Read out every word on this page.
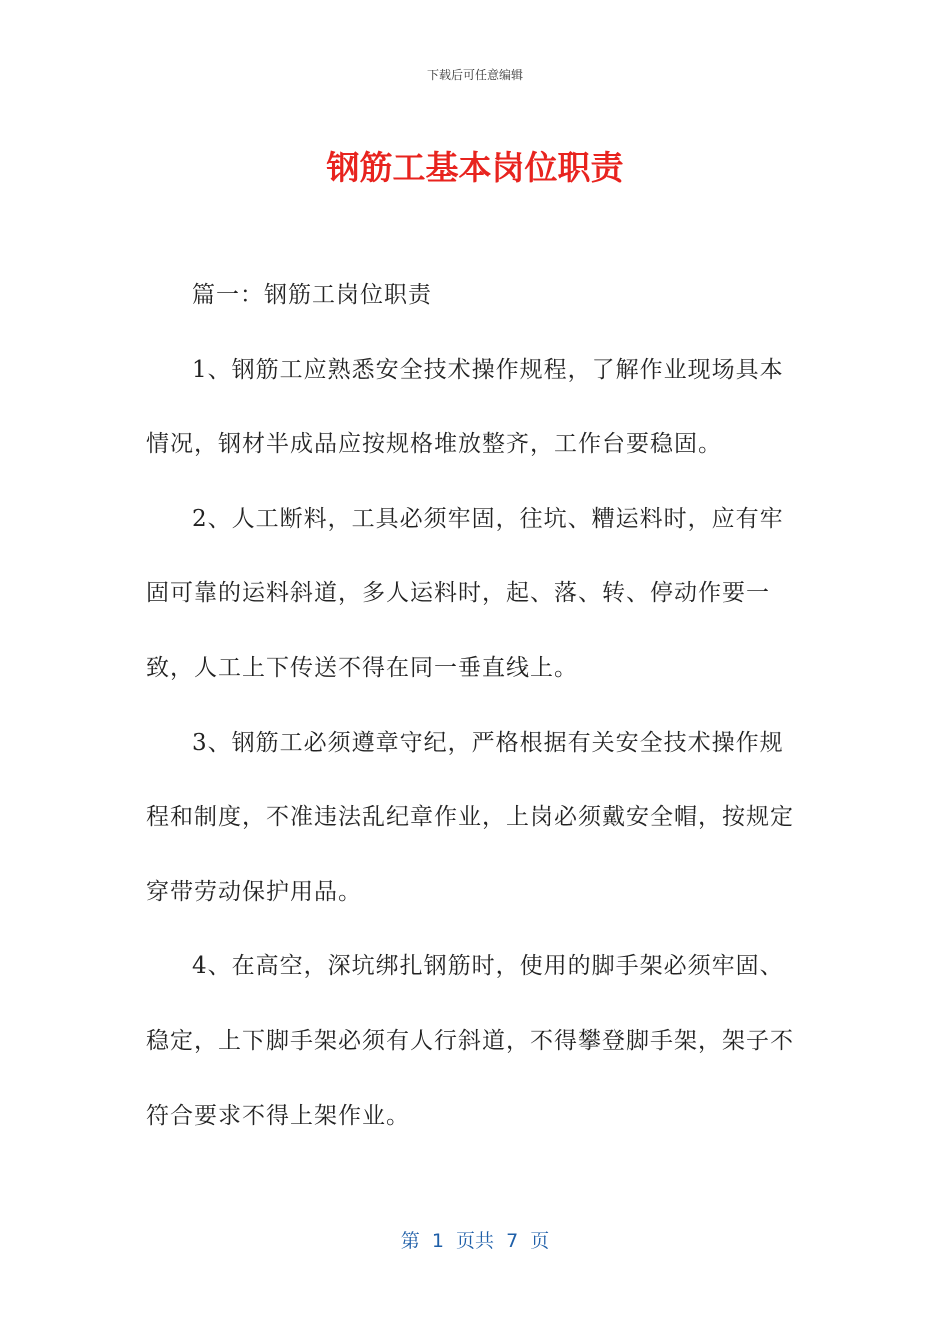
下载后可任意编辑
钢筋工基本岗位职责

篇一：钢筋工岗位职责

1、钢筋工应熟悉安全技术操作规程，了解作业现场具本情况，钢材半成品应按规格堆放整齐，工作台要稳固。

2、人工断料，工具必须牢固，往坑、糟运料时，应有牢固可靠的运料斜道，多人运料时，起、落、转、停动作要一致，人工上下传送不得在同一垂直线上。

3、钢筋工必须遵章守纪，严格根据有关安全技术操作规程和制度，不准违法乱纪章作业，上岗必须戴安全帽，按规定穿带劳动保护用品。

4、在高空，深坑绑扎钢筋时，使用的脚手架必须牢固、稳定，上下脚手架必须有人行斜道，不得攀登脚手架，架子不符合要求不得上架作业。

第  1  页共  7  页
